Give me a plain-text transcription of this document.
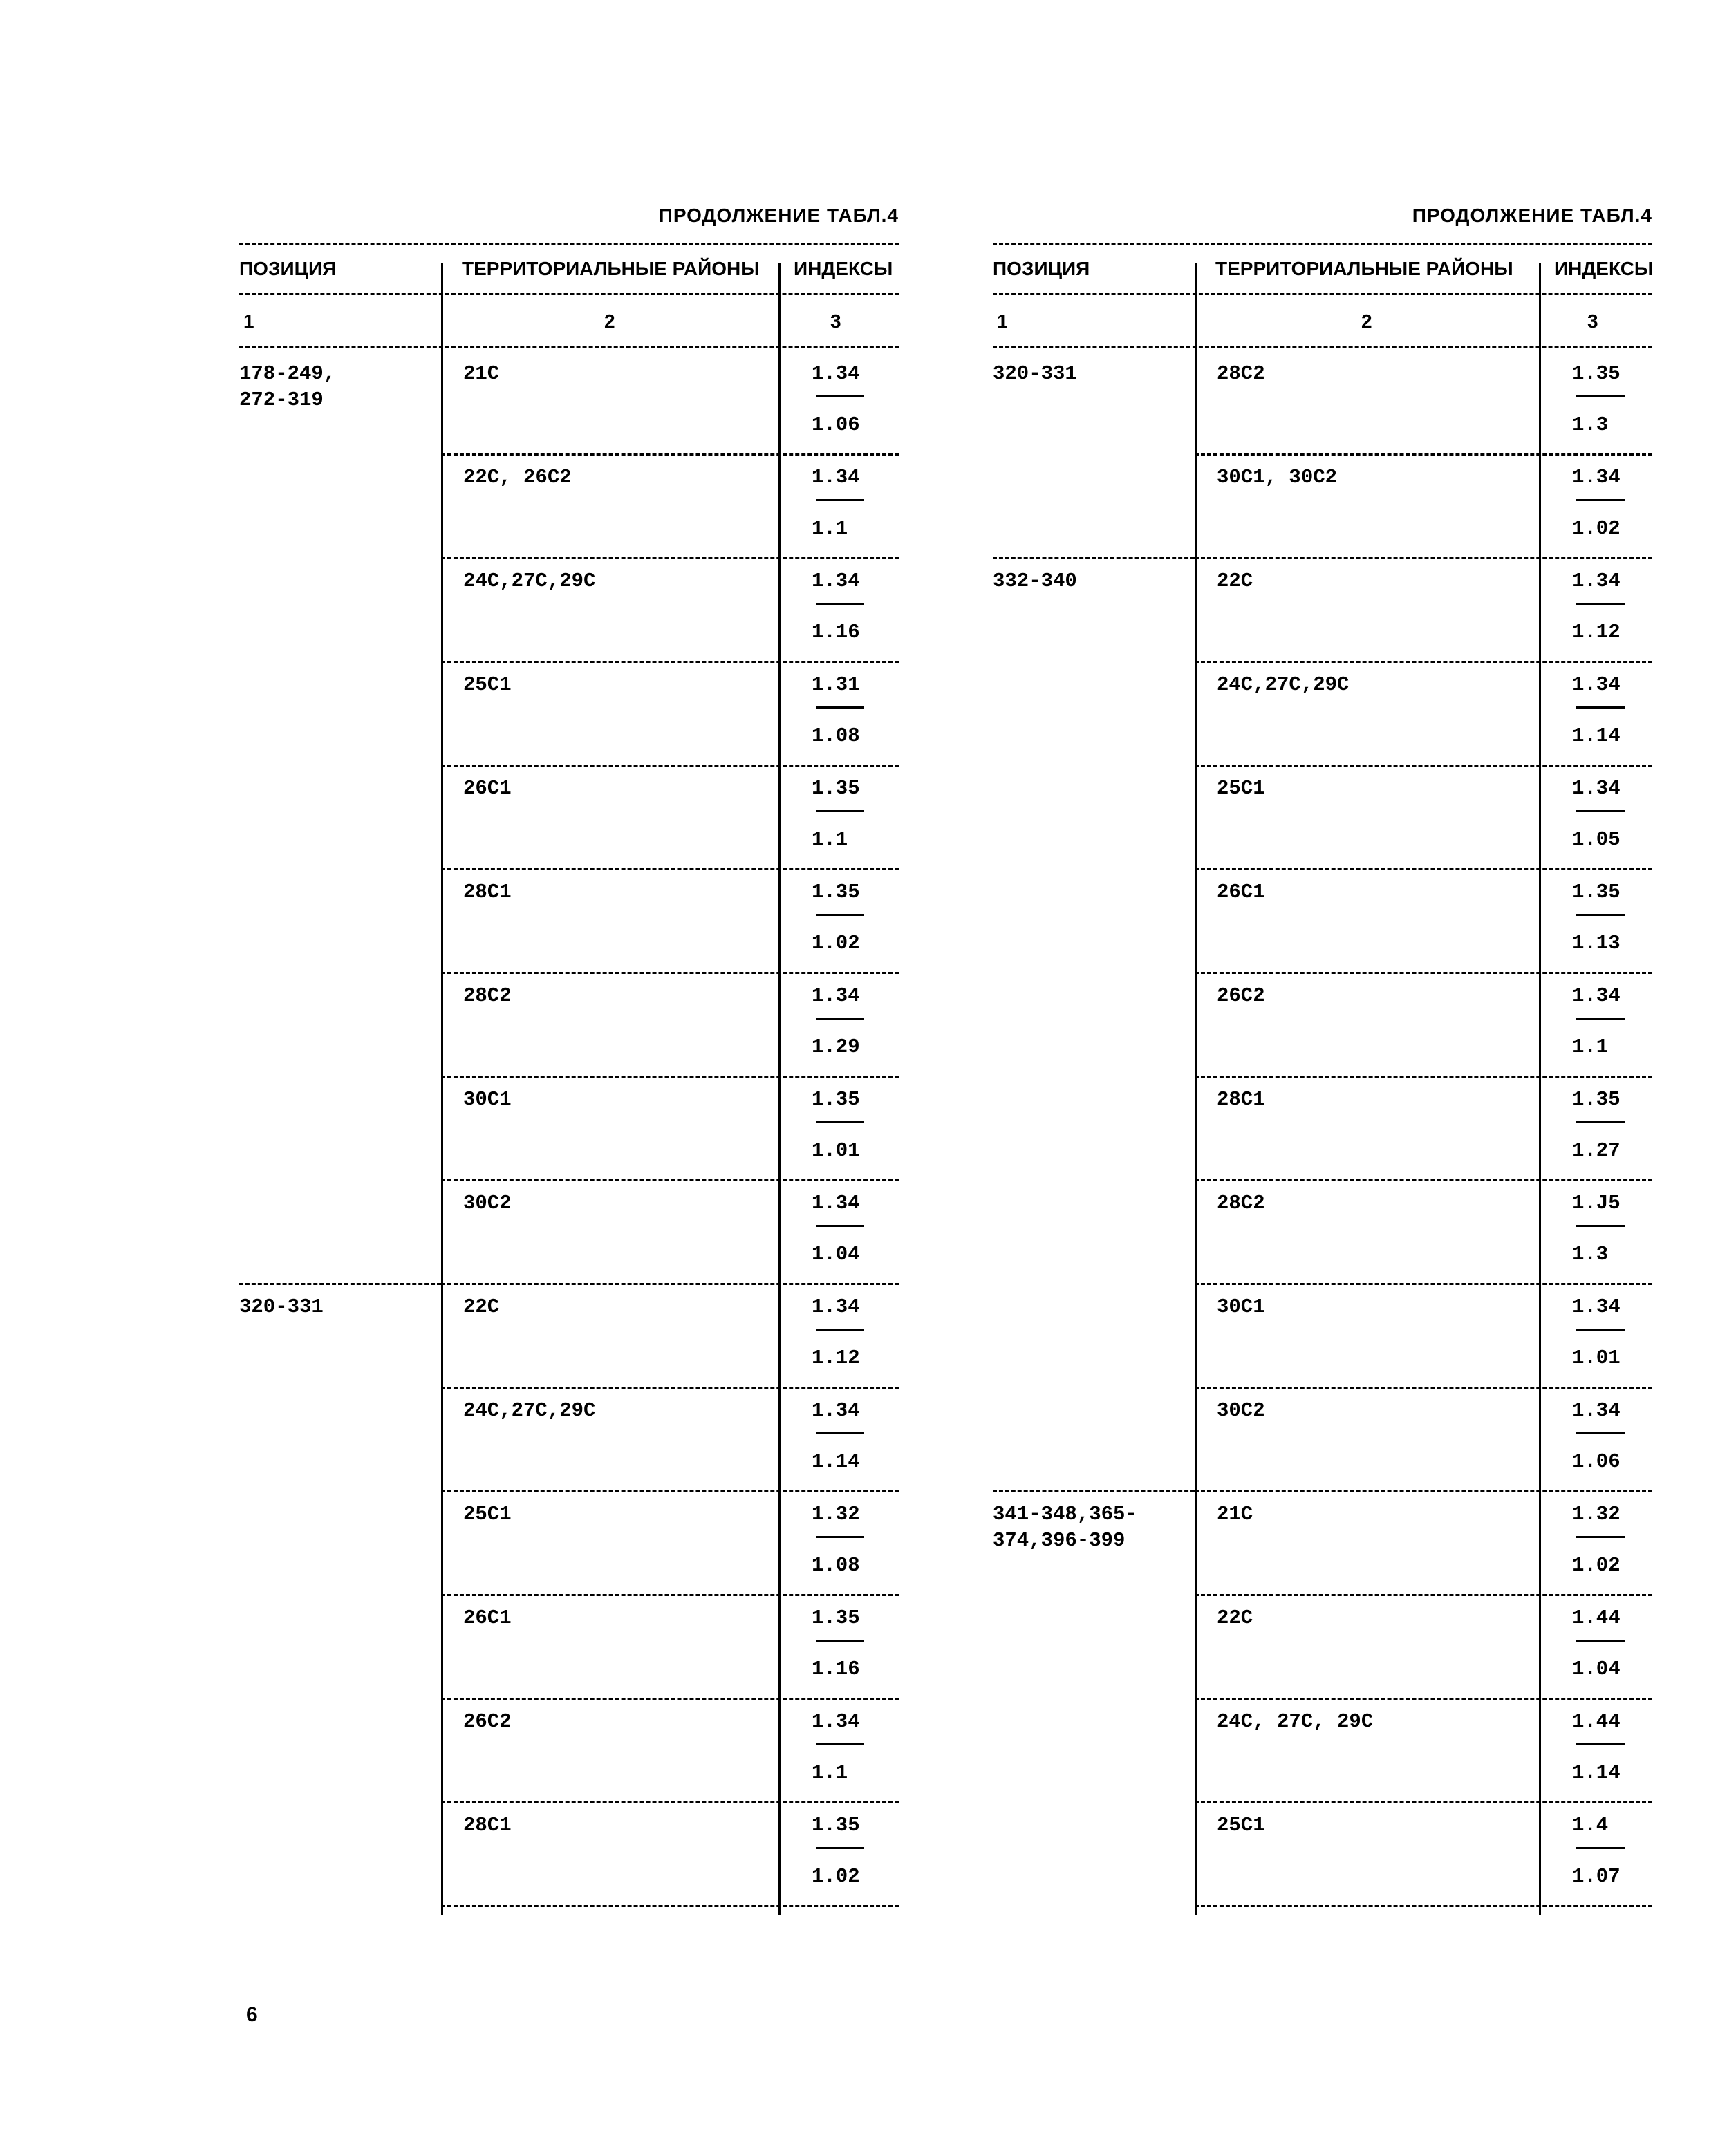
ПРОДОЛЖЕНИЕ ТАБЛ.4
ПОЗИЦИЯ	ТЕРРИТОРИАЛЬНЫЕ РАЙОНЫ ИНДЕКСЫ
1	2	3
178-249,
272-319
21С	1.34
1.06
22С, 26С2	1.34
1.1
24С,27С,29С	1.34
1.16
25С1	1.31
1.08
26С1	1.35
1.1
28С1	1.35
1.02
28С2	1.34
1.29
30С1	1.35
1.01
30С2	1.34
1.04
320-331	22С	1.34
1.12
24С,27С,29С	1.34
1.14
25С1	1.32
1.08
26С1	1.35
1.16
26С2	1.34
1.1
28С1	1.35
1.02
ПРОДОЛЖЕНИЕ ТАБЛ.4
ПОЗИЦИЯ	ТЕРРИТОРИАЛЬНЫЕ РАЙОНЫ ИНДЕКСЫ
1	2	3
320-331	28С2	1.35
1.3
30С1, 30С2	1.34
1.02
332-340	22С	1.34
1.12
24С,27С,29С	1.34
1.14
25С1	1.34
1.05
26С1	1.35
1.13
26С2	1.34
1.1
28С1	1.35
1.27
28С2	1.J5
1.3
30С1	1.34
1.01
30С2	1.34
1.06
341-348,365-
374,396-399
21С	1.32
1.02
22С	1.44
1.04
24С, 27С, 29С	1.44
1.14
25С1	1.4
1.07
6
